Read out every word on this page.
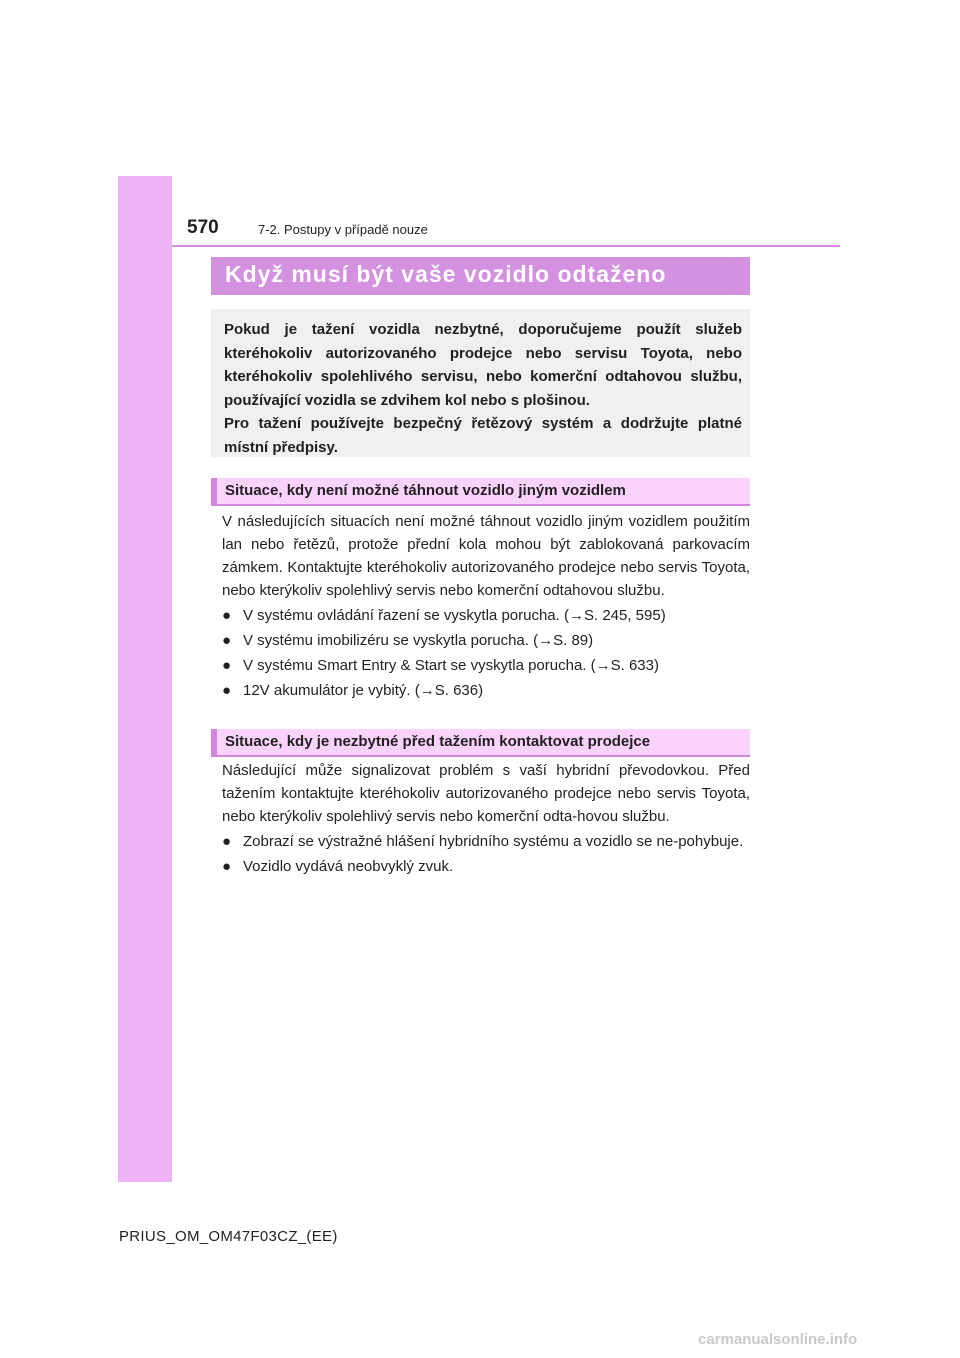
570	7-2. Postupy v případě nouze
Když musí být vaše vozidlo odtaženo

Pokud je tažení vozidla nezbytné, doporučujeme použít služeb kteréhokoliv autorizovaného prodejce nebo servisu Toyota, nebo kteréhokoliv spolehlivého servisu, nebo komerční odtahovou službu, používající vozidla se zdvihem kol nebo s plošinou.

Pro tažení používejte bezpečný řetězový systém a dodržujte platné místní předpisy.

Situace, kdy není možné táhnout vozidlo jiným vozidlem

V následujících situacích není možné táhnout vozidlo jiným vozidlem použitím lan nebo řetězů, protože přední kola mohou být zablokovaná parkovacím zámkem. Kontaktujte kteréhokoliv autorizovaného prodejce nebo servis Toyota, nebo kterýkoliv spolehlivý servis nebo komerční odtahovou službu.

● V systému ovládání řazení se vyskytla porucha. (→S. 245, 595)
● V systému imobilizéru se vyskytla porucha. (→S. 89)
● V systému Smart Entry & Start se vyskytla porucha. (→S. 633)
● 12V akumulátor je vybitý. (→S. 636)
Situace, kdy je nezbytné před tažením kontaktovat prodejce

Následující může signalizovat problém s vaší hybridní převodovkou. Před tažením kontaktujte kteréhokoliv autorizovaného prodejce nebo servis Toyota, nebo kterýkoliv spolehlivý servis nebo komerční odta-hovou službu.

● Zobrazí se výstražné hlášení hybridního systému a vozidlo se ne-pohybuje.
● Vozidlo vydává neobvyklý zvuk.
PRIUS_OM_OM47F03CZ_(EE)
carmanualsonline.info
